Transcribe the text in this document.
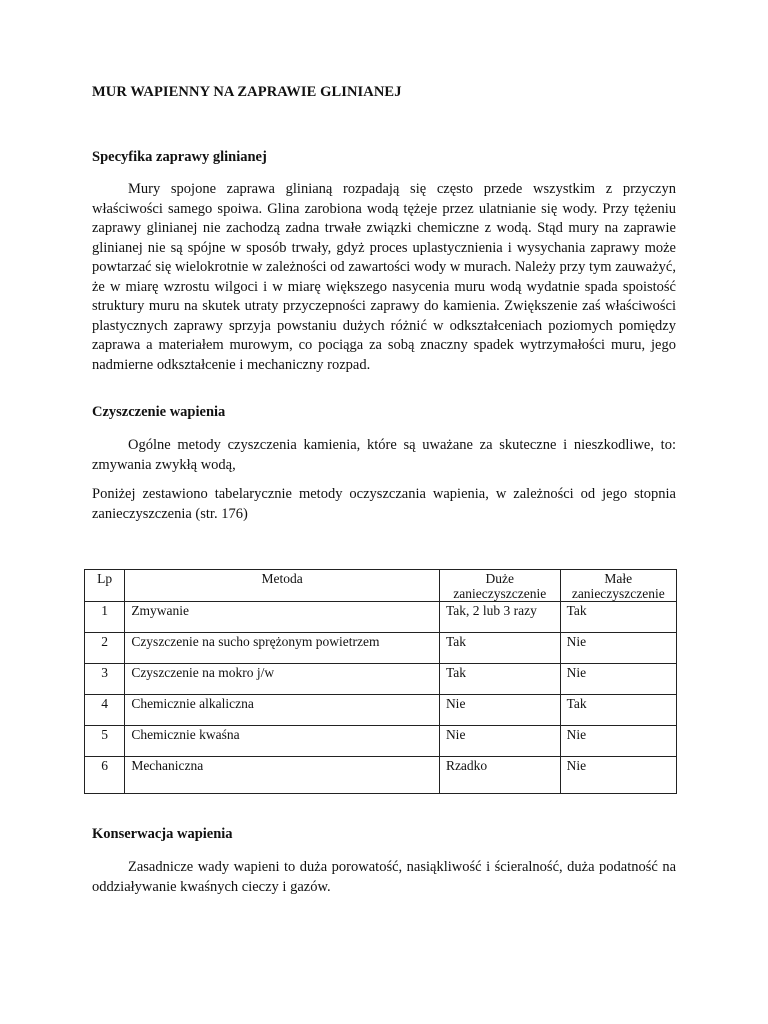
MUR WAPIENNY NA ZAPRAWIE GLINIANEJ
Specyfika zaprawy glinianej

Mury spojone zaprawa glinianą rozpadają się często przede wszystkim z przyczyn właściwości samego spoiwa. Glina zarobiona wodą tężeje przez ulatnianie się wody. Przy tężeniu zaprawy glinianej nie zachodzą zadna trwałe związki chemiczne z wodą. Stąd mury na zaprawie glinianej nie są spójne w sposób trwały, gdyż proces uplastycznienia i wysychania zaprawy może powtarzać się wielokrotnie w zależności od zawartości wody w murach. Należy przy tym zauważyć, że w miarę wzrostu wilgoci i w miarę większego nasycenia muru wodą wydatnie spada spoistość struktury muru na skutek utraty przyczepności zaprawy do kamienia. Zwiększenie zaś właściwości plastycznych zaprawy sprzyja powstaniu dużych różnić w odkształceniach poziomych pomiędzy zaprawa a materiałem murowym, co pociąga za sobą znaczny spadek wytrzymałości muru, jego nadmierne odkształcenie i mechaniczny rozpad.

Czyszczenie wapienia

Ogólne metody czyszczenia kamienia, które są uważane za skuteczne i nieszkodliwe, to: zmywania zwykłą wodą,

Poniżej zestawiono tabelarycznie metody oczyszczania wapienia, w zależności od jego stopnia zanieczyszczenia (str. 176)

Lp	Metoda	Duże zanieczyszczenie	Małe zanieczyszczenie
1	Zmywanie	Tak, 2 lub 3 razy	Tak
2	Czyszczenie na sucho sprężonym powietrzem	Tak	Nie
3	Czyszczenie na mokro j/w	Tak	Nie
4	Chemicznie alkaliczna	Nie	Tak
5	Chemicznie kwaśna	Nie	Nie
6	Mechaniczna	Rzadko	Nie
Konserwacja wapienia

Zasadnicze wady wapieni to duża porowatość, nasiąkliwość i ścieralność, duża podatność na oddziaływanie kwaśnych cieczy i gazów.
